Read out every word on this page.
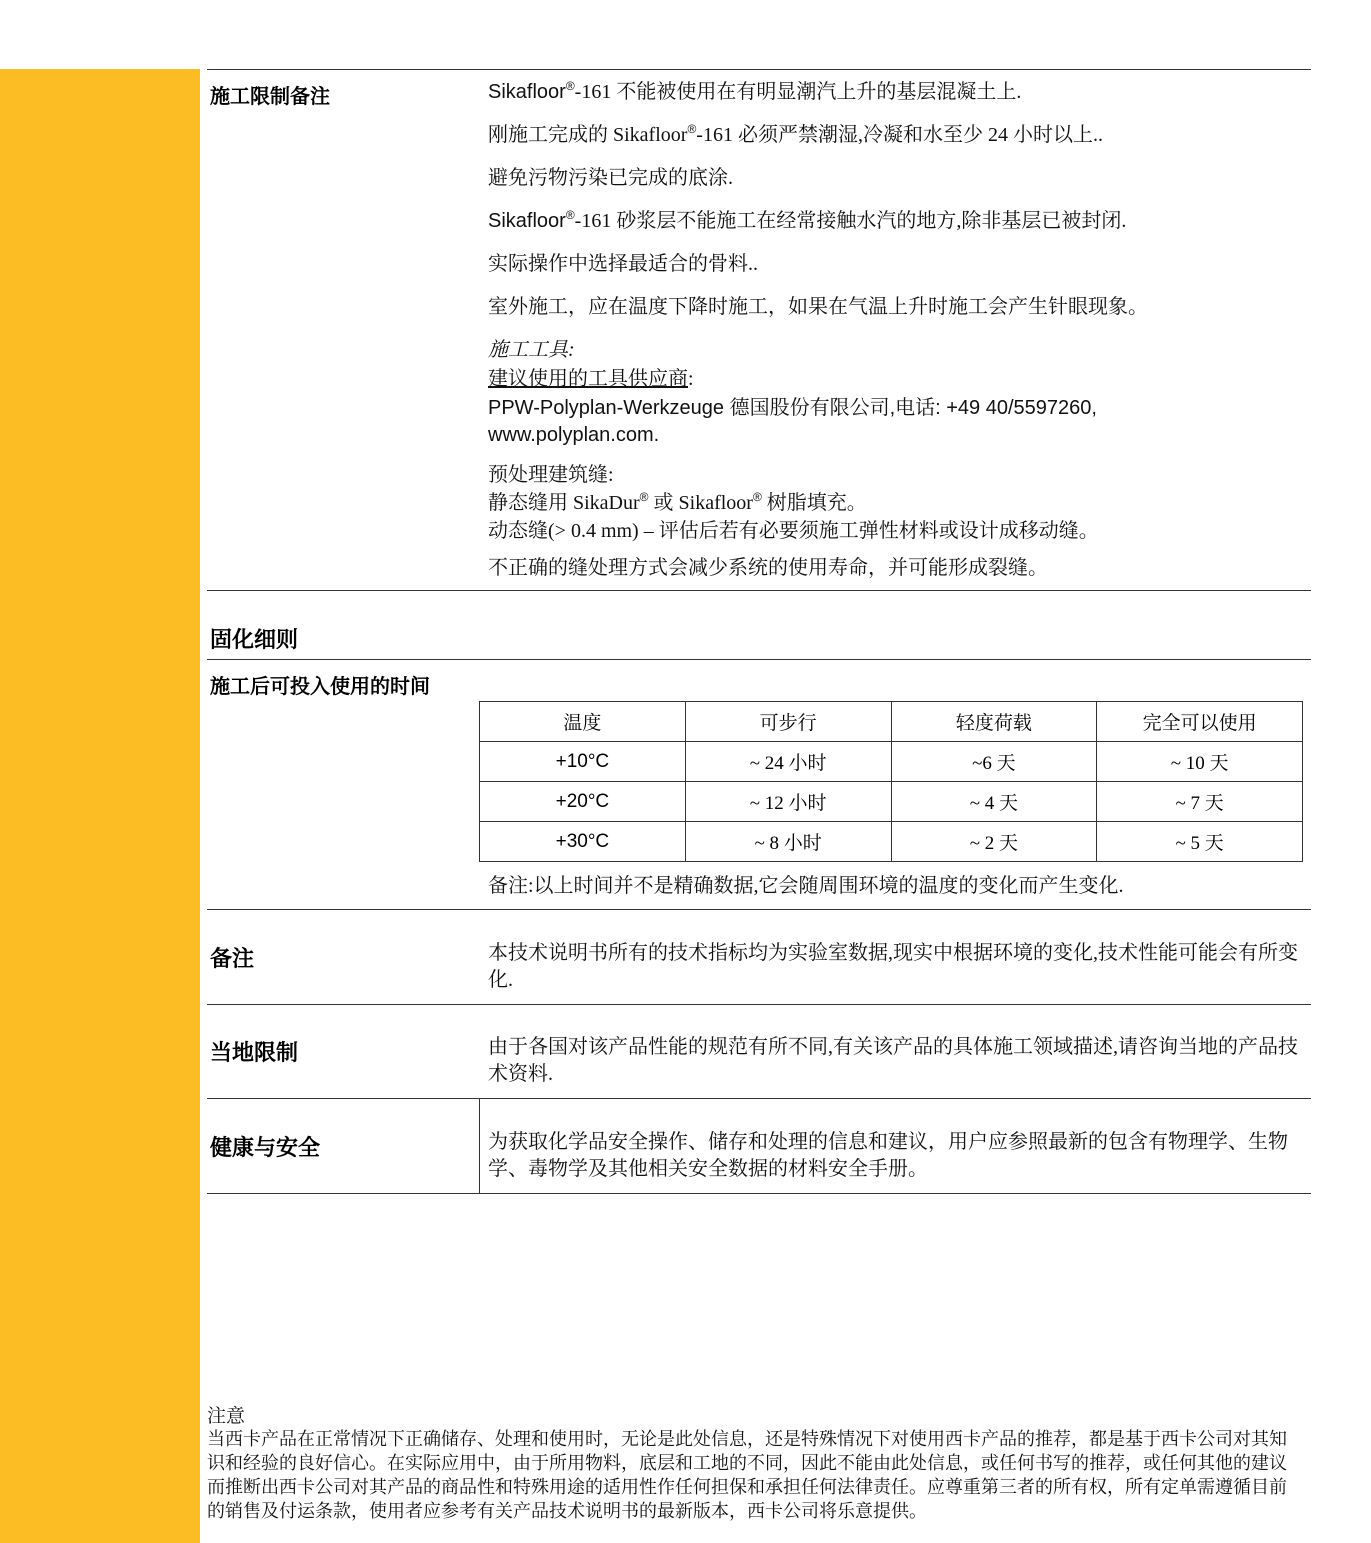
施工限制备注	Sikafloor®-161 不能被使用在有明显潮汽上升的基层混凝土上.
刚施工完成的 Sikafloor®-161 必须严禁潮湿,冷凝和水至少 24 小时以上..
避免污物污染已完成的底涂.
Sikafloor®-161 砂浆层不能施工在经常接触水汽的地方,除非基层已被封闭.
实际操作中选择最适合的骨料..
室外施工，应在温度下降时施工，如果在气温上升时施工会产生针眼现象。
施工工具:
建议使用的工具供应商:
PPW-Polyplan-Werkzeuge 德国股份有限公司,电话: +49 40/5597260,
www.polyplan.com.
预处理建筑缝:
静态缝用 SikaDur® 或 Sikafloor® 树脂填充。
动态缝(> 0.4 mm) – 评估后若有必要须施工弹性材料或设计成移动缝。
不正确的缝处理方式会减少系统的使用寿命，并可能形成裂缝。
固化细则
施工后可投入使用的时间
温度	可步行	轻度荷载	完全可以使用
+10°C	~ 24 小时	~6 天	~ 10 天
+20°C	~ 12 小时	~ 4 天	~ 7 天
+30°C	~ 8 小时	~ 2 天	~ 5 天
备注:以上时间并不是精确数据,它会随周围环境的温度的变化而产生变化.
备注	本技术说明书所有的技术指标均为实验室数据,现实中根据环境的变化,技术性能可能会有所变化.
当地限制	由于各国对该产品性能的规范有所不同,有关该产品的具体施工领域描述,请咨询当地的产品技术资料.
健康与安全	为获取化学品安全操作、储存和处理的信息和建议，用户应参照最新的包含有物理学、生物学、毒物学及其他相关安全数据的材料安全手册。
注意
当西卡产品在正常情况下正确储存、处理和使用时，无论是此处信息，还是特殊情况下对使用西卡产品的推荐，都是基于西卡公司对其知识和经验的良好信心。在实际应用中，由于所用物料，底层和工地的不同，因此不能由此处信息，或任何书写的推荐，或任何其他的建议而推断出西卡公司对其产品的商品性和特殊用途的适用性作任何担保和承担任何法律责任。应尊重第三者的所有权，所有定单需遵循目前的销售及付运条款，使用者应参考有关产品技术说明书的最新版本，西卡公司将乐意提供。
